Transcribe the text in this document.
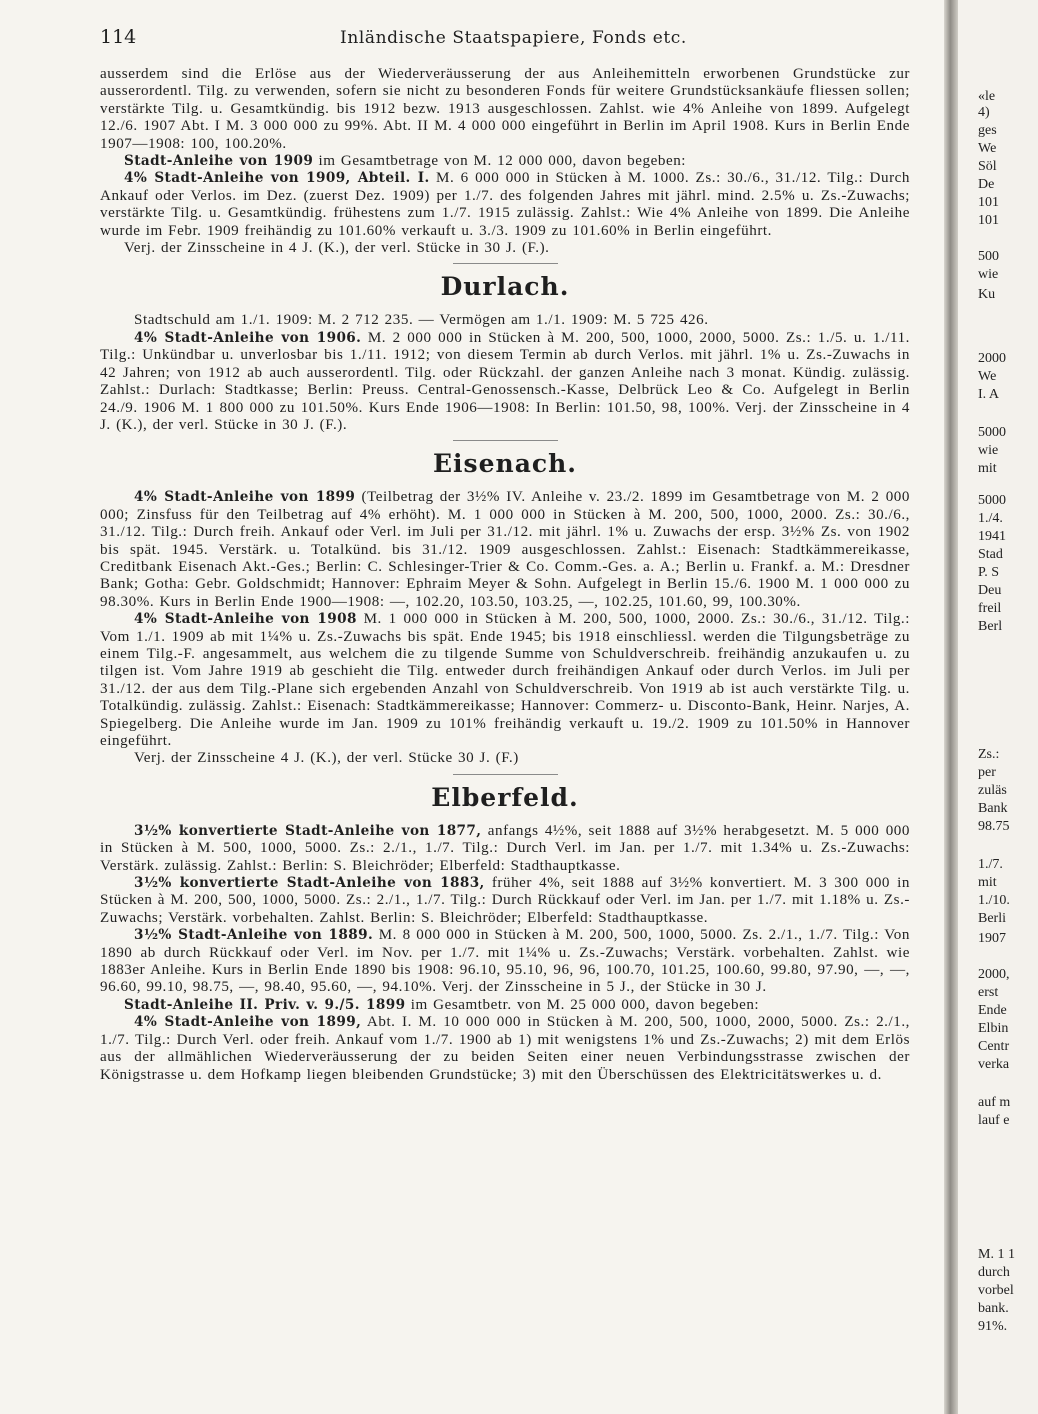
114	Inländische Staatspapiere, Fonds etc.

ausserdem sind die Erlöse aus der Wiederveräusserung der aus Anleihemitteln erworbenen Grundstücke zur ausserordentl. Tilg. zu verwenden, sofern sie nicht zu besonderen Fonds für weitere Grundstücksankäufe fliessen sollen; verstärkte Tilg. u. Gesamtkündig. bis 1912 bezw. 1913 ausgeschlossen. Zahlst. wie 4% Anleihe von 1899. Aufgelegt 12./6. 1907 Abt. I M. 3 000 000 zu 99%. Abt. II M. 4 000 000 eingeführt in Berlin im April 1908. Kurs in Berlin Ende 1907—1908: 100, 100.20%.

Stadt-Anleihe von 1909 im Gesamtbetrage von M. 12 000 000, davon begeben:

4% Stadt-Anleihe von 1909, Abteil. I. M. 6 000 000 in Stücken à M. 1000. Zs.: 30./6., 31./12. Tilg.: Durch Ankauf oder Verlos. im Dez. (zuerst Dez. 1909) per 1./7. des folgenden Jahres mit jährl. mind. 2.5% u. Zs.-Zuwachs; verstärkte Tilg. u. Gesamtkündig. frühestens zum 1./7. 1915 zulässig. Zahlst.: Wie 4% Anleihe von 1899. Die Anleihe wurde im Febr. 1909 freihändig zu 101.60% verkauft u. 3./3. 1909 zu 101.60% in Berlin eingeführt.

Verj. der Zinsscheine in 4 J. (K.), der verl. Stücke in 30 J. (F.).

Durlach.

Stadtschuld am 1./1. 1909: M. 2 712 235. — Vermögen am 1./1. 1909: M. 5 725 426.

4% Stadt-Anleihe von 1906. M. 2 000 000 in Stücken à M. 200, 500, 1000, 2000, 5000. Zs.: 1./5. u. 1./11. Tilg.: Unkündbar u. unverlosbar bis 1./11. 1912; von diesem Termin ab durch Verlos. mit jährl. 1% u. Zs.-Zuwachs in 42 Jahren; von 1912 ab auch ausserordentl. Tilg. oder Rückzahl. der ganzen Anleihe nach 3 monat. Kündig. zulässig. Zahlst.: Durlach: Stadtkasse; Berlin: Preuss. Central-Genossensch.-Kasse, Delbrück Leo & Co. Aufgelegt in Berlin 24./9. 1906 M. 1 800 000 zu 101.50%. Kurs Ende 1906—1908: In Berlin: 101.50, 98, 100%. Verj. der Zinsscheine in 4 J. (K.), der verl. Stücke in 30 J. (F.).

Eisenach.

4% Stadt-Anleihe von 1899 (Teilbetrag der 3½% IV. Anleihe v. 23./2. 1899 im Gesamtbetrage von M. 2 000 000; Zinsfuss für den Teilbetrag auf 4% erhöht). M. 1 000 000 in Stücken à M. 200, 500, 1000, 2000. Zs.: 30./6., 31./12. Tilg.: Durch freih. Ankauf oder Verl. im Juli per 31./12. mit jährl. 1% u. Zuwachs der ersp. 3½% Zs. von 1902 bis spät. 1945. Verstärk. u. Totalkünd. bis 31./12. 1909 ausgeschlossen. Zahlst.: Eisenach: Stadtkämmereikasse, Creditbank Eisenach Akt.-Ges.; Berlin: C. Schlesinger-Trier & Co. Comm.-Ges. a. A.; Berlin u. Frankf. a. M.: Dresdner Bank; Gotha: Gebr. Goldschmidt; Hannover: Ephraim Meyer & Sohn. Aufgelegt in Berlin 15./6. 1900 M. 1 000 000 zu 98.30%. Kurs in Berlin Ende 1900—1908: —, 102.20, 103.50, 103.25, —, 102.25, 101.60, 99, 100.30%.

4% Stadt-Anleihe von 1908 M. 1 000 000 in Stücken à M. 200, 500, 1000, 2000. Zs.: 30./6., 31./12. Tilg.: Vom 1./1. 1909 ab mit 1¼% u. Zs.-Zuwachs bis spät. Ende 1945; bis 1918 einschliessl. werden die Tilgungsbeträge zu einem Tilg.-F. angesammelt, aus welchem die zu tilgende Summe von Schuldverschreib. freihändig anzukaufen u. zu tilgen ist. Vom Jahre 1919 ab geschieht die Tilg. entweder durch freihändigen Ankauf oder durch Verlos. im Juli per 31./12. der aus dem Tilg.-Plane sich ergebenden Anzahl von Schuldverschreib. Von 1919 ab ist auch verstärkte Tilg. u. Totalkündig. zulässig. Zahlst.: Eisenach: Stadtkämmereikasse; Hannover: Commerz- u. Disconto-Bank, Heinr. Narjes, A. Spiegelberg. Die Anleihe wurde im Jan. 1909 zu 101% freihändig verkauft u. 19./2. 1909 zu 101.50% in Hannover eingeführt.

Verj. der Zinsscheine 4 J. (K.), der verl. Stücke 30 J. (F.)

Elberfeld.

3½% konvertierte Stadt-Anleihe von 1877, anfangs 4½%, seit 1888 auf 3½% herabgesetzt. M. 5 000 000 in Stücken à M. 500, 1000, 5000. Zs.: 2./1., 1./7. Tilg.: Durch Verl. im Jan. per 1./7. mit 1.34% u. Zs.-Zuwachs: Verstärk. zulässig. Zahlst.: Berlin: S. Bleichröder; Elberfeld: Stadthauptkasse.

3½% konvertierte Stadt-Anleihe von 1883, früher 4%, seit 1888 auf 3½% konvertiert. M. 3 300 000 in Stücken à M. 200, 500, 1000, 5000. Zs.: 2./1., 1./7. Tilg.: Durch Rückkauf oder Verl. im Jan. per 1./7. mit 1.18% u. Zs.-Zuwachs; Verstärk. vorbehalten. Zahlst. Berlin: S. Bleichröder; Elberfeld: Stadthauptkasse.

3½% Stadt-Anleihe von 1889. M. 8 000 000 in Stücken à M. 200, 500, 1000, 5000. Zs. 2./1., 1./7. Tilg.: Von 1890 ab durch Rückkauf oder Verl. im Nov. per 1./7. mit 1¼% u. Zs.-Zuwachs; Verstärk. vorbehalten. Zahlst. wie 1883er Anleihe. Kurs in Berlin Ende 1890 bis 1908: 96.10, 95.10, 96, 96, 100.70, 101.25, 100.60, 99.80, 97.90, —, —, 96.60, 99.10, 98.75, —, 98.40, 95.60, —, 94.10%. Verj. der Zinsscheine in 5 J., der Stücke in 30 J.

Stadt-Anleihe II. Priv. v. 9./5. 1899 im Gesamtbetr. von M. 25 000 000, davon begeben:

4% Stadt-Anleihe von 1899, Abt. I. M. 10 000 000 in Stücken à M. 200, 500, 1000, 2000, 5000. Zs.: 2./1., 1./7. Tilg.: Durch Verl. oder freih. Ankauf vom 1./7. 1900 ab 1) mit wenigstens 1% und Zs.-Zuwachs; 2) mit dem Erlös aus der allmählichen Wiederveräusserung der zu beiden Seiten einer neuen Verbindungsstrasse zwischen der Königstrasse u. dem Hofkamp liegen bleibenden Grundstücke; 3) mit den Überschüssen des Elektricitätswerkes u. d.

«le
4)
ges
We
Söl
De
101
101
500
wie
Ku
2000
We
I. A
5000
wie
mit
5000
1./4.
1941
Stad
P. S
Deu
freil
Berl
Zs.:
per
zuläs
Bank
98.75
1./7.
mit
1./10.
Berli
1907
2000,
erst
Ende
Elbin
Centr
verka
auf m
lauf e
M. 1 1
durch
vorbel
bank.
91%.
